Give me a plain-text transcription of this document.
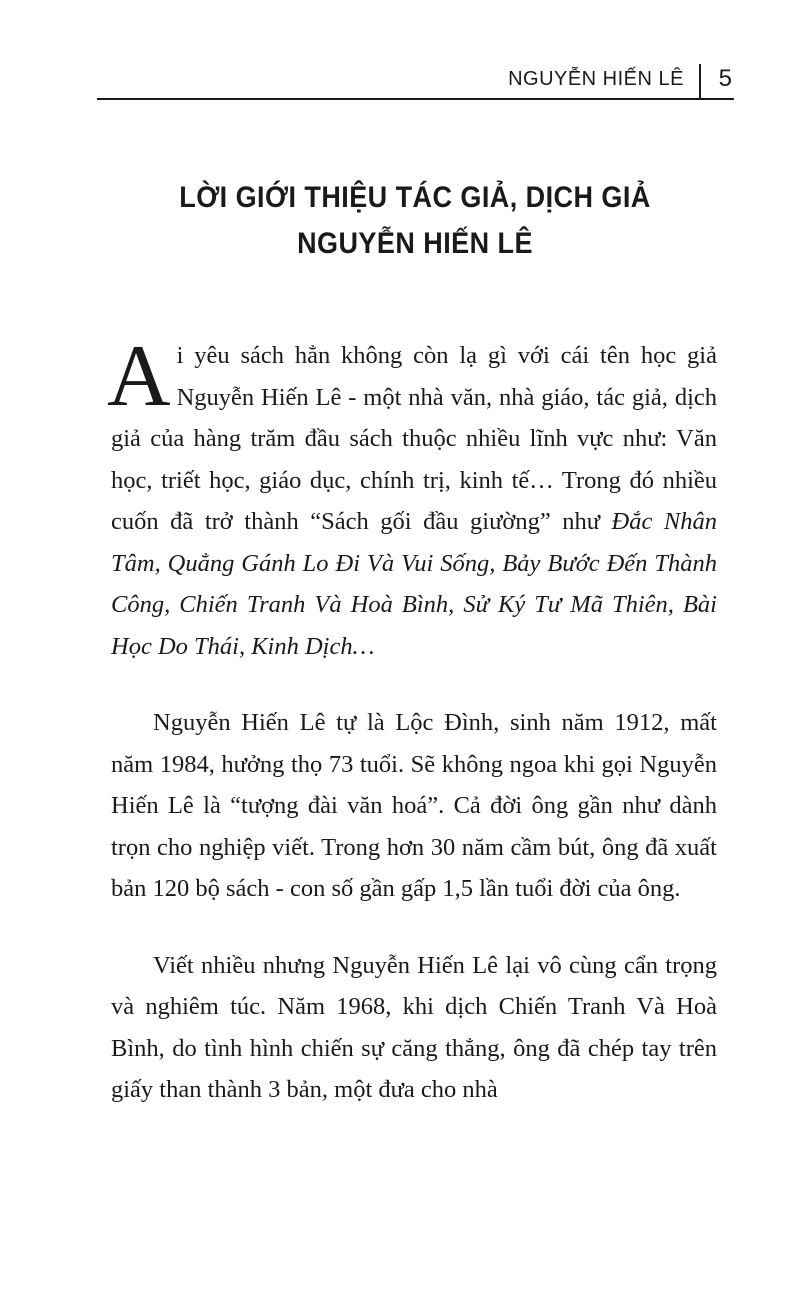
NGUYỄN HIẾN LÊ 5
LỜI GIỚI THIỆU TÁC GIẢ, DỊCH GIẢ
NGUYỄN HIẾN LÊ

Ai yêu sách hẳn không còn lạ gì với cái tên học giả Nguyễn Hiến Lê - một nhà văn, nhà giáo, tác giả, dịch giả của hàng trăm đầu sách thuộc nhiều lĩnh vực như: Văn học, triết học, giáo dục, chính trị, kinh tế… Trong đó nhiều cuốn đã trở thành “Sách gối đầu giường” như Đắc Nhân Tâm, Quẳng Gánh Lo Đi Và Vui Sống, Bảy Bước Đến Thành Công, Chiến Tranh Và Hoà Bình, Sử Ký Tư Mã Thiên, Bài Học Do Thái, Kinh Dịch…

Nguyễn Hiến Lê tự là Lộc Đình, sinh năm 1912, mất năm 1984, hưởng thọ 73 tuổi. Sẽ không ngoa khi gọi Nguyễn Hiến Lê là “tượng đài văn hoá”. Cả đời ông gần như dành trọn cho nghiệp viết. Trong hơn 30 năm cầm bút, ông đã xuất bản 120 bộ sách - con số gần gấp 1,5 lần tuổi đời của ông.

Viết nhiều nhưng Nguyễn Hiến Lê lại vô cùng cẩn trọng và nghiêm túc. Năm 1968, khi dịch Chiến Tranh Và Hoà Bình, do tình hình chiến sự căng thẳng, ông đã chép tay trên giấy than thành 3 bản, một đưa cho nhà
